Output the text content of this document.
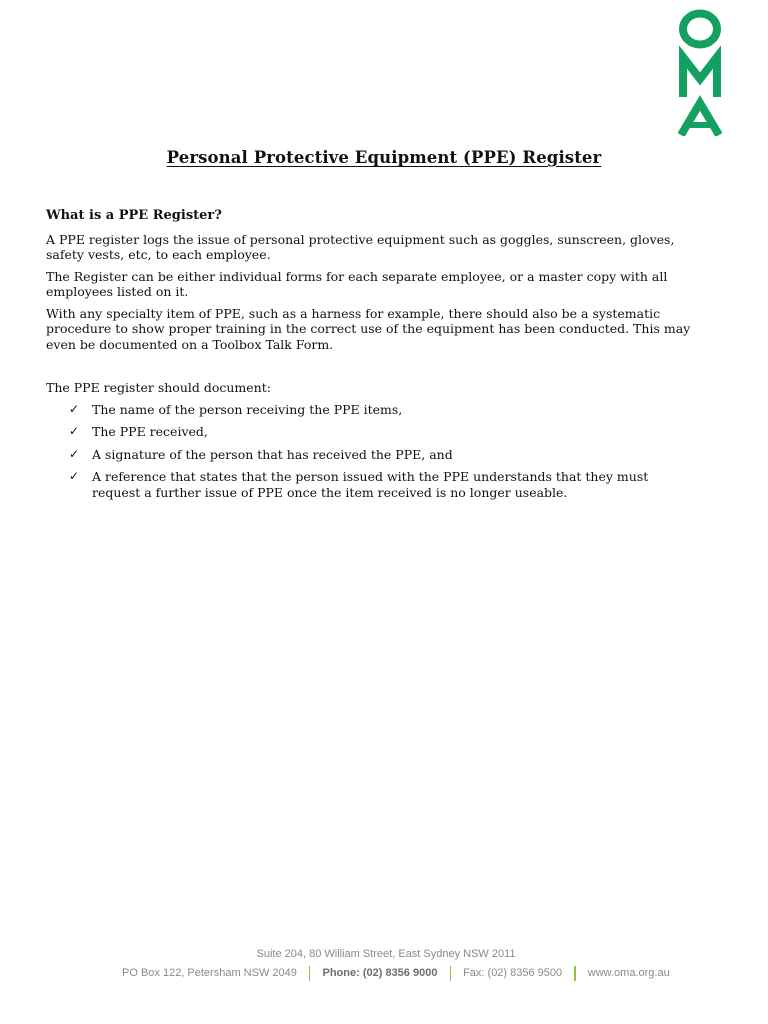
Personal Protective Equipment (PPE) Register
What is a PPE Register?

A PPE register logs the issue of personal protective equipment such as goggles, sunscreen, gloves, safety vests, etc, to each employee.

The Register can be either individual forms for each separate employee, or a master copy with all employees listed on it.

With any specialty item of PPE, such as a harness for example, there should also be a systematic procedure to show proper training in the correct use of the equipment has been conducted. This may even be documented on a Toolbox Talk Form.

The PPE register should document:

✓ The name of the person receiving the PPE items,
✓ The PPE received,
✓ A signature of the person that has received the PPE, and
✓ A reference that states that the person issued with the PPE understands that they must request a further issue of PPE once the item received is no longer useable.
Suite 204, 80 William Street, East Sydney NSW 2011
PO Box 122, Petersham NSW 2049 Phone: (02) 8356 9000 Fax: (02) 8356 9500 www.oma.org.au
